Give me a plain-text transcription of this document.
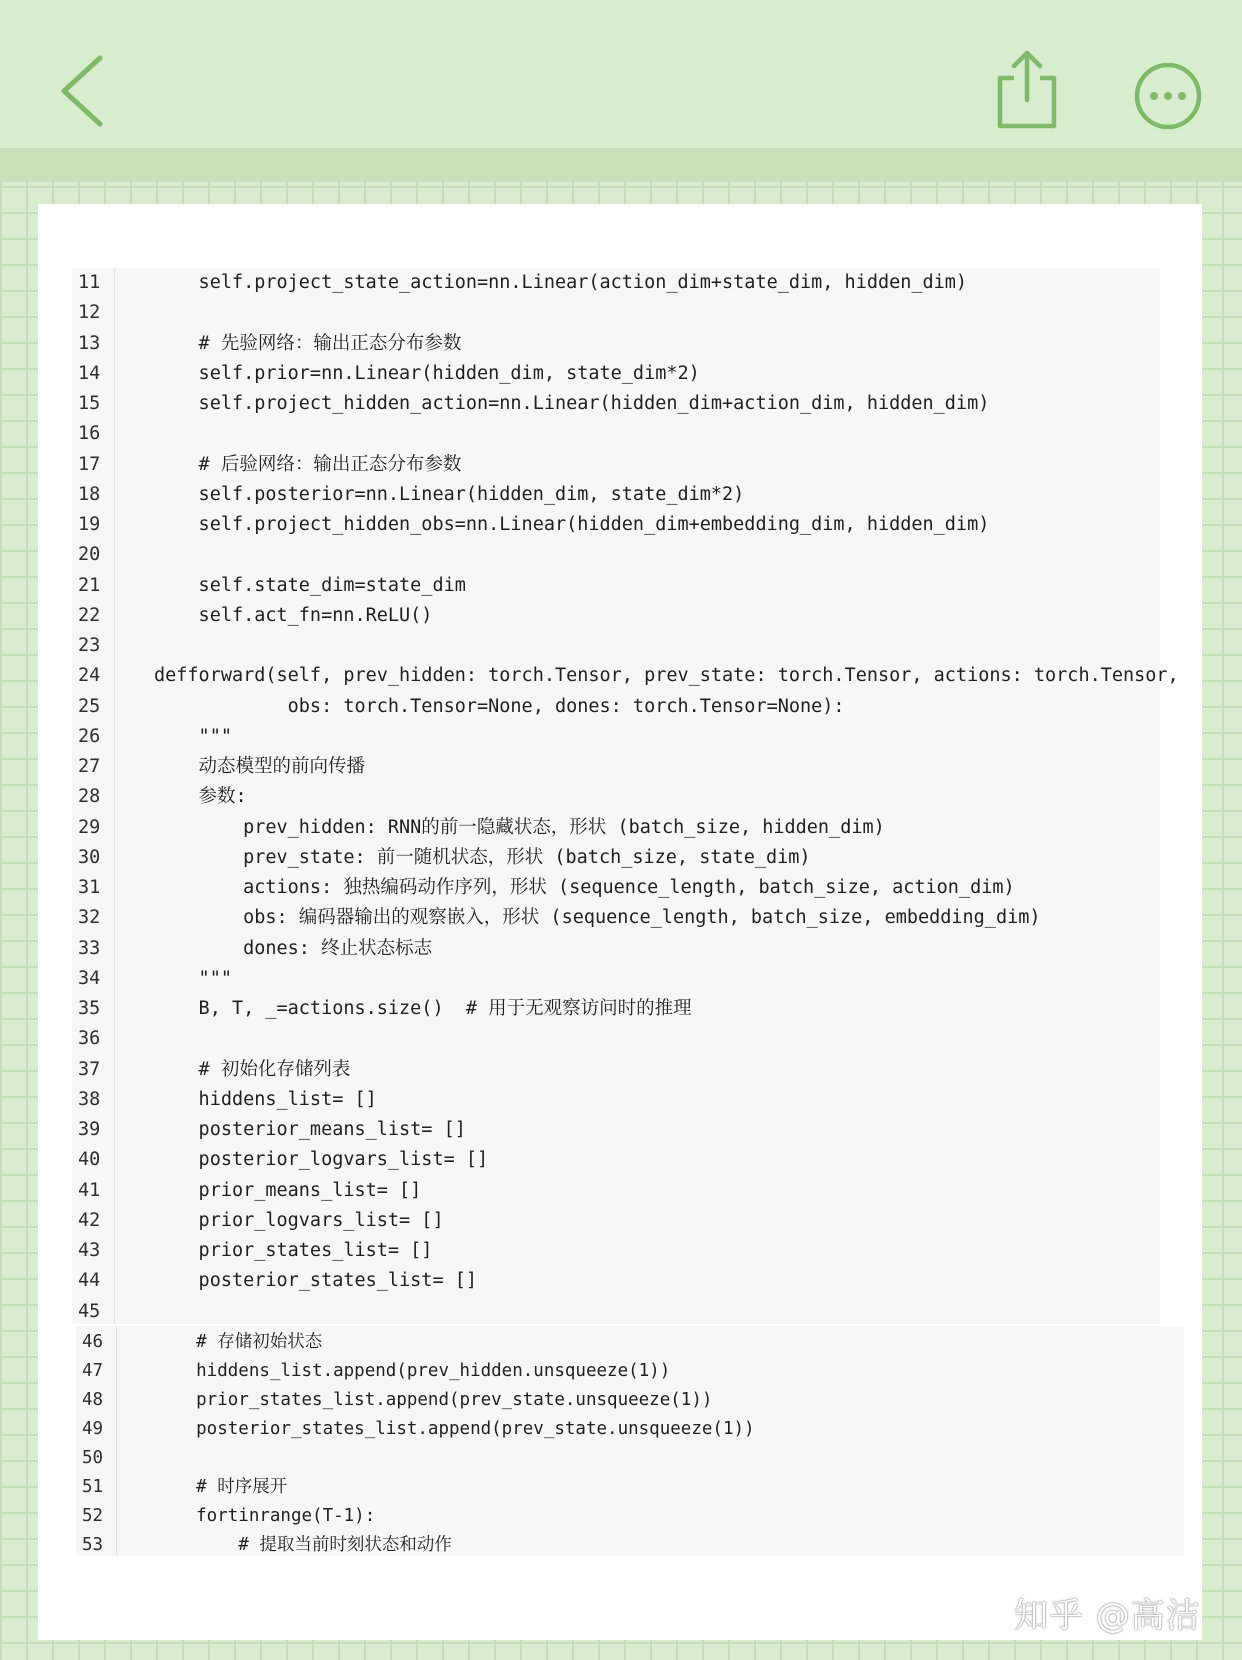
11	self.project_state_action=nn.Linear(action_dim+state_dim, hidden_dim)
12
13	# 先验网络：输出正态分布参数
14	self.prior=nn.Linear(hidden_dim, state_dim*2)
15	self.project_hidden_action=nn.Linear(hidden_dim+action_dim, hidden_dim)
16
17	# 后验网络：输出正态分布参数
18	self.posterior=nn.Linear(hidden_dim, state_dim*2)
19	self.project_hidden_obs=nn.Linear(hidden_dim+embedding_dim, hidden_dim)
20
21	self.state_dim=state_dim
22	self.act_fn=nn.ReLU()
23
24	defforward(self, prev_hidden: torch.Tensor, prev_state: torch.Tensor, actions: torch.Tensor,
25	obs: torch.Tensor=None, dones: torch.Tensor=None):
26	"""
27	动态模型的前向传播
28	参数:
29	prev_hidden: RNN的前一隐藏状态，形状 (batch_size, hidden_dim)
30	prev_state: 前一随机状态，形状 (batch_size, state_dim)
31	actions: 独热编码动作序列，形状 (sequence_length, batch_size, action_dim)
32	obs: 编码器输出的观察嵌入，形状 (sequence_length, batch_size, embedding_dim)
33	dones: 终止状态标志
34	"""
35	B, T, _=actions.size()  # 用于无观察访问时的推理
36
37	# 初始化存储列表
38	hiddens_list= []
39	posterior_means_list= []
40	posterior_logvars_list= []
41	prior_means_list= []
42	prior_logvars_list= []
43	prior_states_list= []
44	posterior_states_list= []
45
46	# 存储初始状态
47	hiddens_list.append(prev_hidden.unsqueeze(1))
48	prior_states_list.append(prev_state.unsqueeze(1))
49	posterior_states_list.append(prev_state.unsqueeze(1))
50
51	# 时序展开
52	fortinrange(T-1):
53	# 提取当前时刻状态和动作
知乎 @高洁
